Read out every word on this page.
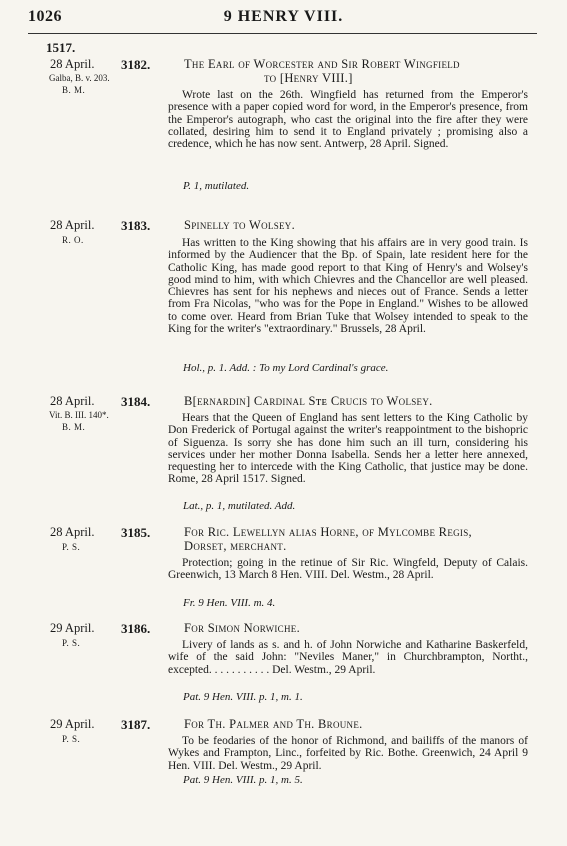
1026	9 HENRY VIII.
1517.
28 April.
Galba, B. v. 203.
B. M.
3182.	The Earl of Worcester and Sir Robert Wingfield
to [Henry VIII.]
Wrote last on the 26th. Wingfield has returned from the Emperor's presence with a paper copied word for word, in the Emperor's presence, from the Emperor's autograph, who cast the original into the fire after they were collated, desiring him to send it to England privately ; promising also a credence, which he has now sent. Antwerp, 28 April. Signed.
P. 1, mutilated.
28 April.
R. O.
3183.	Spinelly to Wolsey.
Has written to the King showing that his affairs are in very good train. Is informed by the Audiencer that the Bp. of Spain, late resident here for the Catholic King, has made good report to that King of Henry's and Wolsey's good mind to him, with which Chievres and the Chancellor are well pleased. Chievres has sent for his nephews and nieces out of France. Sends a letter from Fra Nicolas, "who was for the Pope in England." Wishes to be allowed to come over. Heard from Brian Tuke that Wolsey intended to speak to the King for the writer's "extraordinary." Brussels, 28 April.
Hol., p. 1. Add. : To my Lord Cardinal's grace.
28 April.
Vit. B. III. 140*.
B. M.
3184.	B[ernardin] Cardinal Sᴛᴇ Crucis to Wolsey.
Hears that the Queen of England has sent letters to the King Catholic by Don Frederick of Portugal against the writer's reappointment to the bishopric of Siguenza. Is sorry she has done him such an ill turn, considering his services under her mother Donna Isabella. Sends her a letter here annexed, requesting her to intercede with the King Catholic, that justice may be done. Rome, 28 April 1517. Signed.
Lat., p. 1, mutilated. Add.
28 April.
P. S.
3185.	For Ric. Lewellyn alias Horne, of Mylcombe Regis,
Dorset, merchant.
Protection; going in the retinue of Sir Ric. Wingfeld, Deputy of Calais. Greenwich, 13 March 8 Hen. VIII. Del. Westm., 28 April.
Fr. 9 Hen. VIII. m. 4.
29 April.
P. S.
3186.	For Simon Norwiche.
Livery of lands as s. and h. of John Norwiche and Katharine Baskerfeld, wife of the said John: "Neviles Maner," in Churchbrampton, Northt., excepted. . . . . . . . . . . Del. Westm., 29 April.
Pat. 9 Hen. VIII. p. 1, m. 1.
29 April.
P. S.
3187.	For Th. Palmer and Th. Broune.
To be feodaries of the honor of Richmond, and bailiffs of the manors of Wykes and Frampton, Linc., forfeited by Ric. Bothe. Greenwich, 24 April 9 Hen. VIII. Del. Westm., 29 April.
Pat. 9 Hen. VIII. p. 1, m. 5.
